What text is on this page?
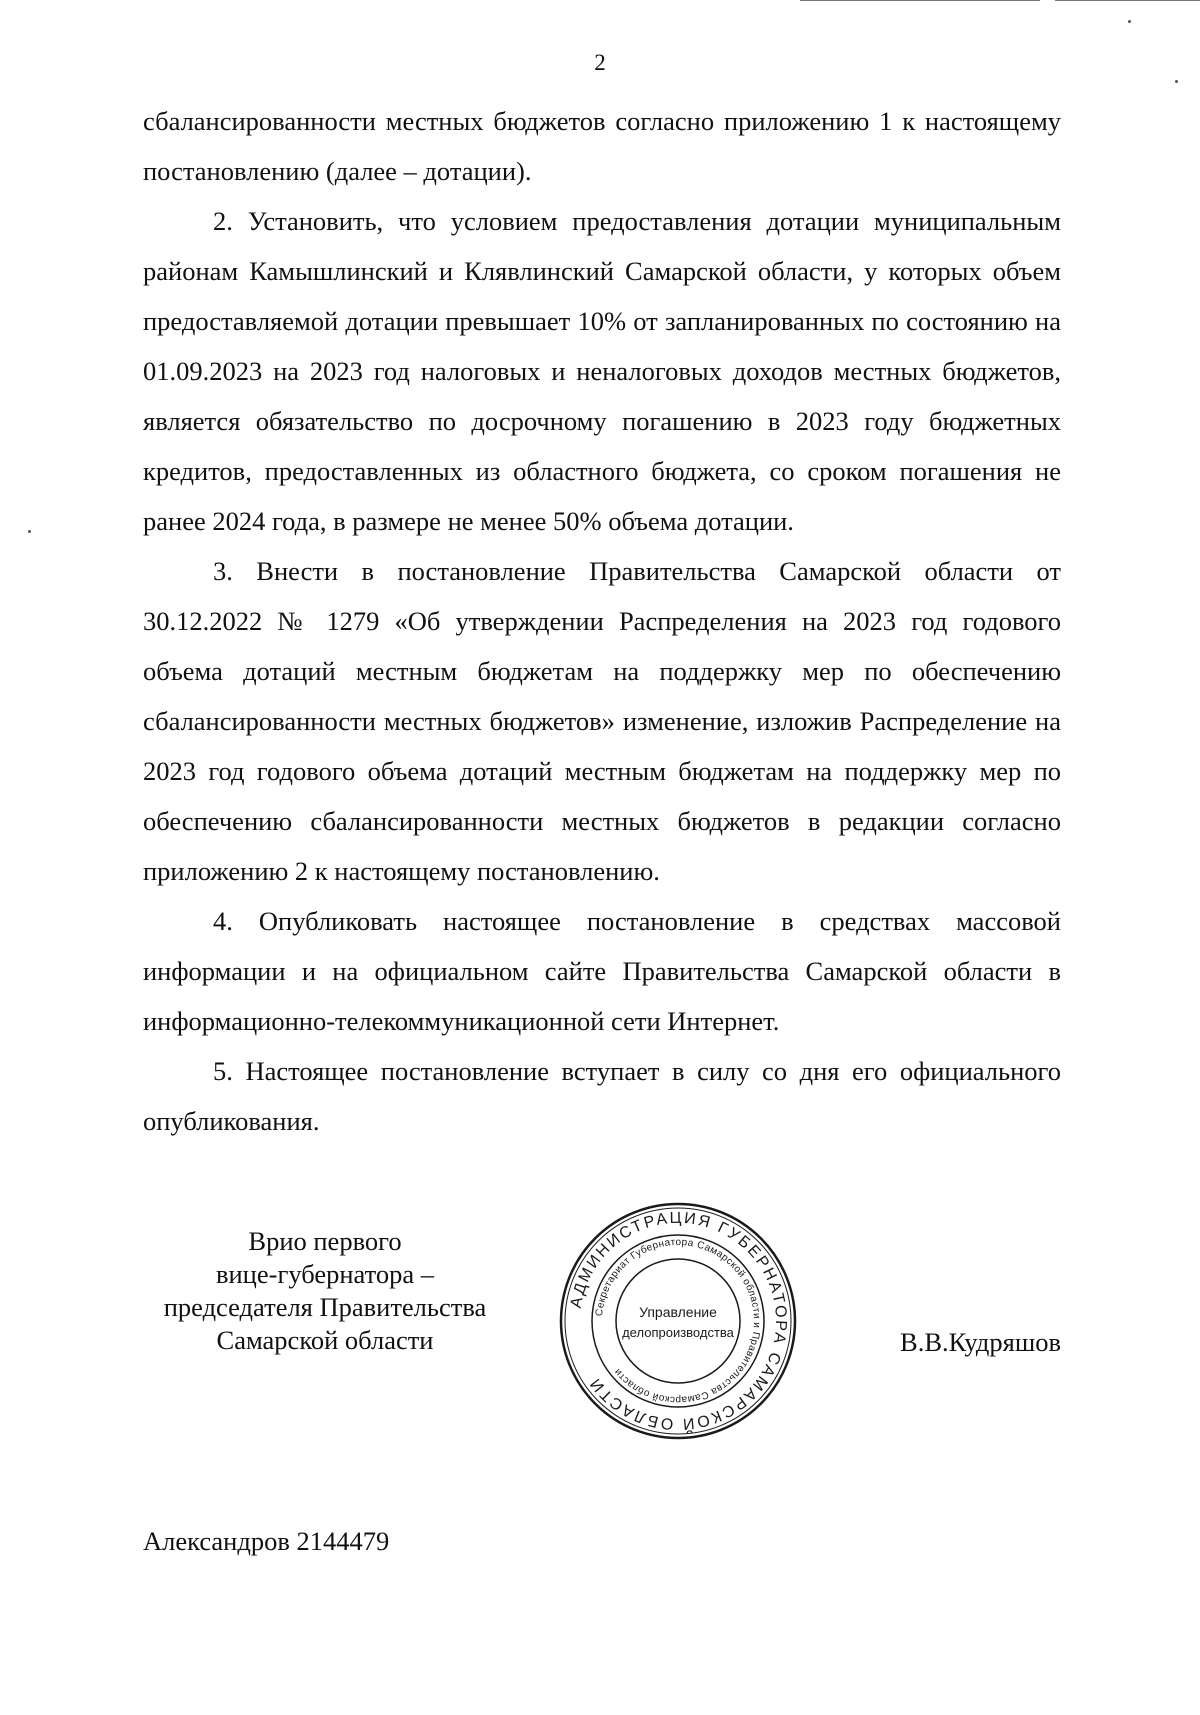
2

сбалансированности местных бюджетов согласно приложению 1 к настоящему постановлению (далее – дотации).

2. Установить, что условием предоставления дотации муниципальным районам Камышлинский и Клявлинский Самарской области, у которых объем предоставляемой дотации превышает 10% от запланированных по состоянию на 01.09.2023 на 2023 год налоговых и неналоговых доходов местных бюджетов, является обязательство по досрочному погашению в 2023 году бюджетных кредитов, предоставленных из областного бюджета, со сроком погашения не ранее 2024 года, в размере не менее 50% объема дотации.

3. Внести в постановление Правительства Самарской области от 30.12.2022 № 1279 «Об утверждении Распределения на 2023 год годового объема дотаций местным бюджетам на поддержку мер по обеспечению сбалансированности местных бюджетов» изменение, изложив Распределение на 2023 год годового объема дотаций местным бюджетам на поддержку мер по обеспечению сбалансированности местных бюджетов в редакции согласно приложению 2 к настоящему постановлению.

4. Опубликовать настоящее постановление в средствах массовой информации и на официальном сайте Правительства Самарской области в информационно-телекоммуникационной сети Интернет.

5. Настоящее постановление вступает в силу со дня его официального опубликования.

Врио первого
вице-губернатора –
председателя Правительства
Самарской области
АДМИНИСТРАЦИЯ ГУБЕРНАТОРА САМАРСКОЙ ОБЛАСТИ
Секретариат Губернатора Самарской области и Правительства Самарской области
Управление
делопроизводства	В.В.Кудряшов
Александров 2144479
